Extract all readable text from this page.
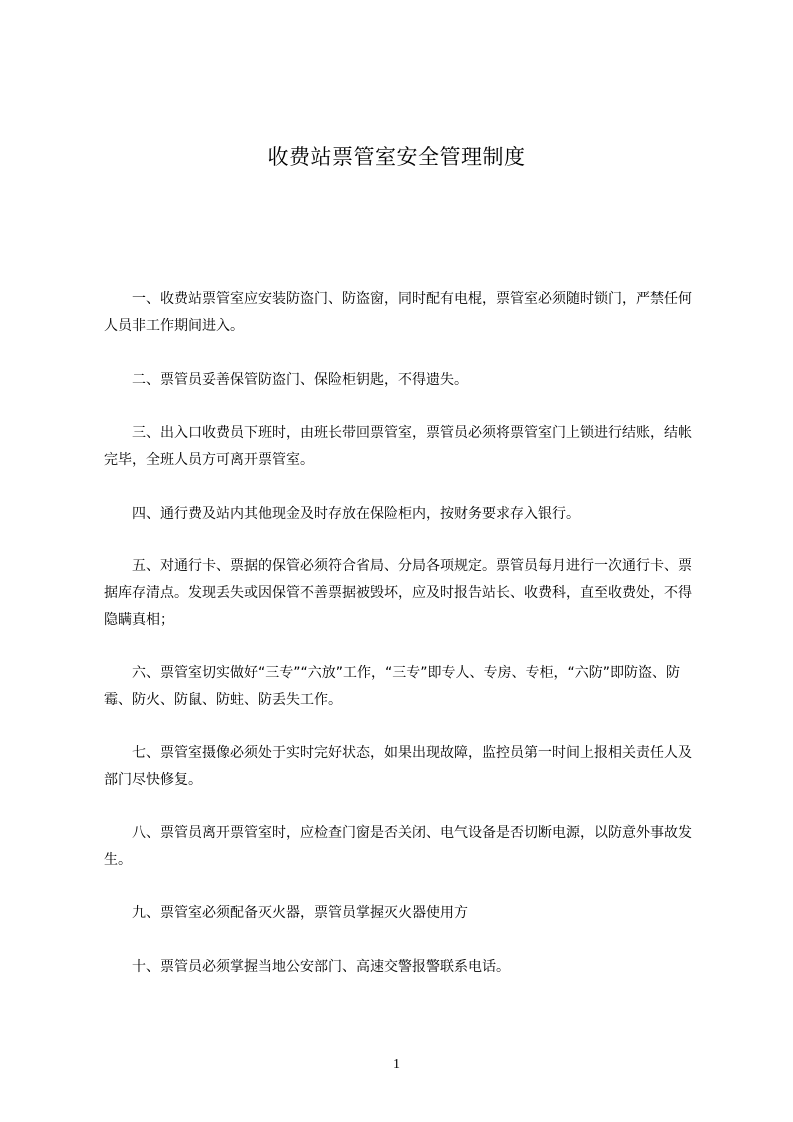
收费站票管室安全管理制度

一、收费站票管室应安装防盗门、防盗窗，同时配有电棍，票管室必须随时锁门，严禁任何人员非工作期间进入。

二、票管员妥善保管防盗门、保险柜钥匙，不得遗失。

三、出入口收费员下班时，由班长带回票管室，票管员必须将票管室门上锁进行结账，结帐完毕，全班人员方可离开票管室。

四、通行费及站内其他现金及时存放在保险柜内，按财务要求存入银行。

五、对通行卡、票据的保管必须符合省局、分局各项规定。票管员每月进行一次通行卡、票据库存清点。发现丢失或因保管不善票据被毁坏，应及时报告站长、收费科，直至收费处，不得隐瞒真相；

六、票管室切实做好“三专”“六放”工作，“三专”即专人、专房、专柜，“六防”即防盗、防霉、防火、防鼠、防蛀、防丢失工作。

七、票管室摄像必须处于实时完好状态，如果出现故障，监控员第一时间上报相关责任人及部门尽快修复。

八、票管员离开票管室时，应检查门窗是否关闭、电气设备是否切断电源，以防意外事故发生。

九、票管室必须配备灭火器，票管员掌握灭火器使用方

十、票管员必须掌握当地公安部门、高速交警报警联系电话。

1
